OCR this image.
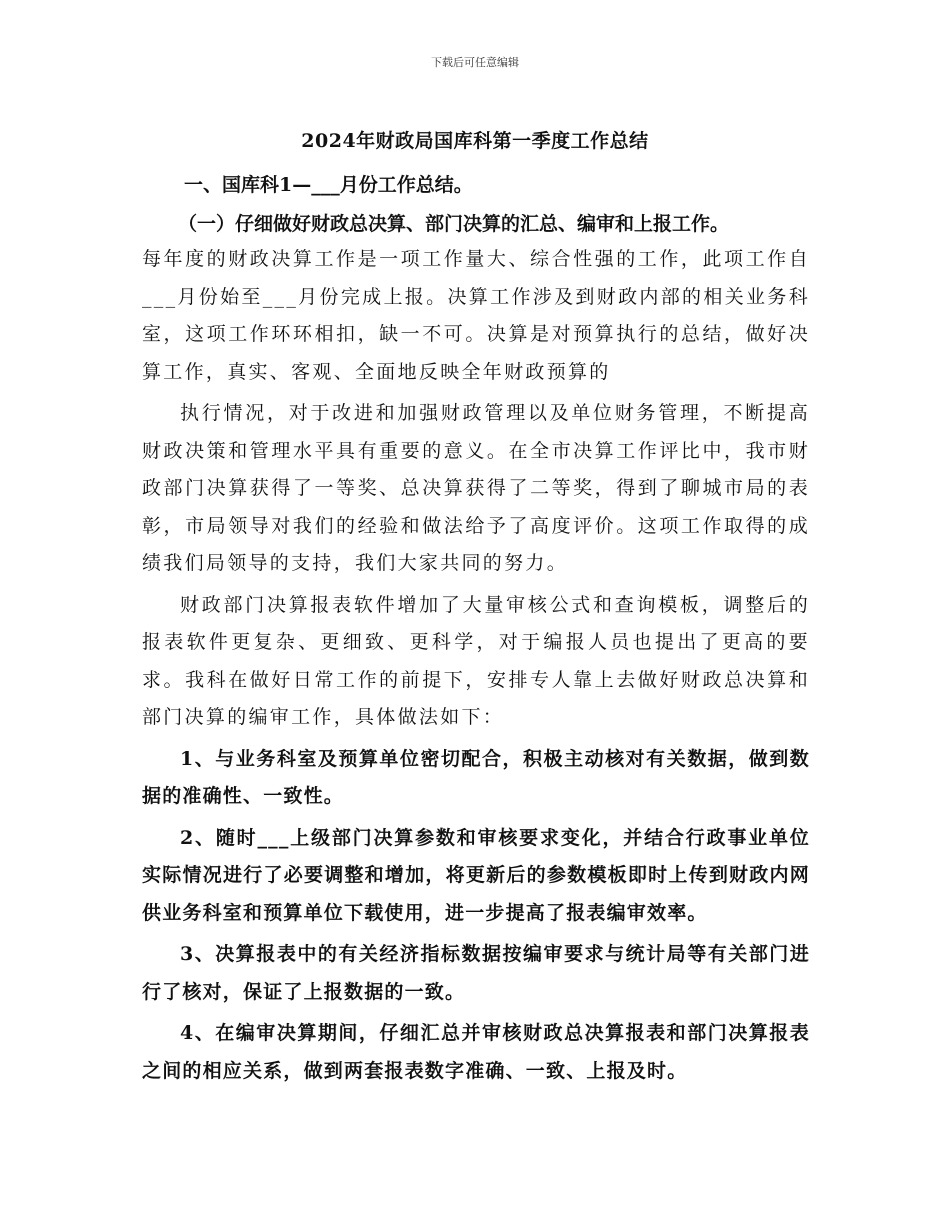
下载后可任意编辑
2024年财政局国库科第一季度工作总结
一、国库科1—___月份工作总结。
（一）仔细做好财政总决算、部门决算的汇总、编审和上报工作。

每年度的财政决算工作是一项工作量大、综合性强的工作，此项工作自___月份始至___月份完成上报。决算工作涉及到财政内部的相关业务科室，这项工作环环相扣，缺一不可。决算是对预算执行的总结，做好决算工作，真实、客观、全面地反映全年财政预算的

执行情况，对于改进和加强财政管理以及单位财务管理，不断提高财政决策和管理水平具有重要的意义。在全市决算工作评比中，我市财政部门决算获得了一等奖、总决算获得了二等奖，得到了聊城市局的表彰，市局领导对我们的经验和做法给予了高度评价。这项工作取得的成绩我们局领导的支持，我们大家共同的努力。

财政部门决算报表软件增加了大量审核公式和查询模板，调整后的报表软件更复杂、更细致、更科学，对于编报人员也提出了更高的要求。我科在做好日常工作的前提下，安排专人靠上去做好财政总决算和部门决算的编审工作，具体做法如下：

1、与业务科室及预算单位密切配合，积极主动核对有关数据，做到数据的准确性、一致性。

2、随时___上级部门决算参数和审核要求变化，并结合行政事业单位实际情况进行了必要调整和增加，将更新后的参数模板即时上传到财政内网供业务科室和预算单位下载使用，进一步提高了报表编审效率。

3、决算报表中的有关经济指标数据按编审要求与统计局等有关部门进行了核对，保证了上报数据的一致。

4、在编审决算期间，仔细汇总并审核财政总决算报表和部门决算报表之间的相应关系，做到两套报表数字准确、一致、上报及时。
